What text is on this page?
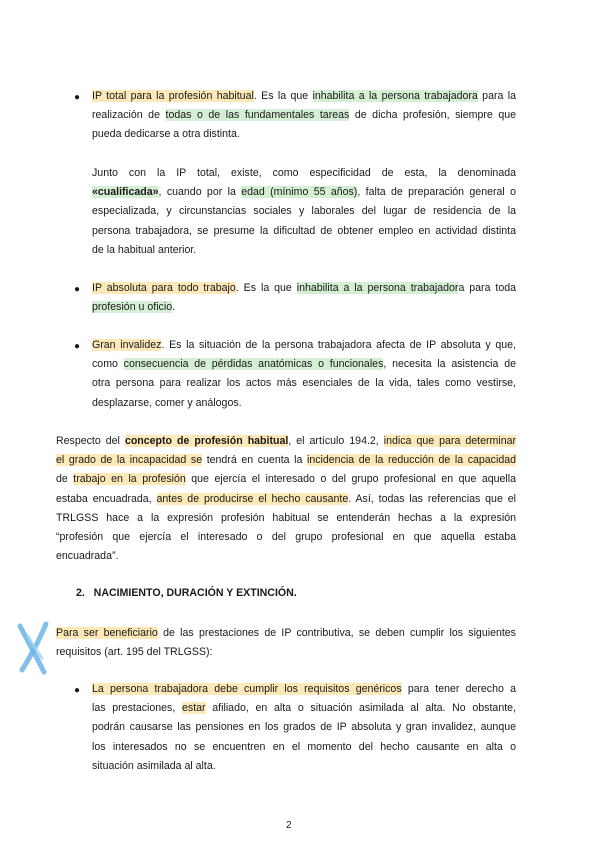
● IP total para la profesión habitual. Es la que inhabilita a la persona trabajadora para la
realización de todas o de las fundamentales tareas de dicha profesión, siempre que
pueda dedicarse a otra distinta.
Junto con la IP total, existe, como especificidad de esta, la denominada
«cualificada», cuando por la edad (mínimo 55 años), falta de preparación general o
especializada, y circunstancias sociales y laborales del lugar de residencia de la
persona trabajadora, se presume la dificultad de obtener empleo en actividad distinta
de la habitual anterior.
● IP absoluta para todo trabajo. Es la que inhabilita a la persona trabajadora para toda
profesión u oficio.
● Gran invalidez. Es la situación de la persona trabajadora afecta de IP absoluta y que,
como consecuencia de pérdidas anatómicas o funcionales, necesita la asistencia de
otra persona para realizar los actos más esenciales de la vida, tales como vestirse,
desplazarse, comer y análogos.
Respecto del concepto de profesión habitual, el artículo 194.2, indica que para determinar
el grado de la incapacidad se tendrá en cuenta la incidencia de la reducción de la capacidad
de trabajo en la profesión que ejercía el interesado o del grupo profesional en que aquella
estaba encuadrada, antes de producirse el hecho causante. Así, todas las referencias que el
TRLGSS hace a la expresión profesión habitual se entenderán hechas a la expresión
“profesión que ejercía el interesado o del grupo profesional en que aquella estaba
encuadrada”.
2.   NACIMIENTO, DURACIÓN Y EXTINCIÓN.
Para ser beneficiario de las prestaciones de IP contributiva, se deben cumplir los siguientes
requisitos (art. 195 del TRLGSS):
● La persona trabajadora debe cumplir los requisitos genéricos para tener derecho a
las prestaciones, estar afiliado, en alta o situación asimilada al alta. No obstante,
podrán causarse las pensiones en los grados de IP absoluta y gran invalidez, aunque
los interesados no se encuentren en el momento del hecho causante en alta o
situación asimilada al alta.
2
